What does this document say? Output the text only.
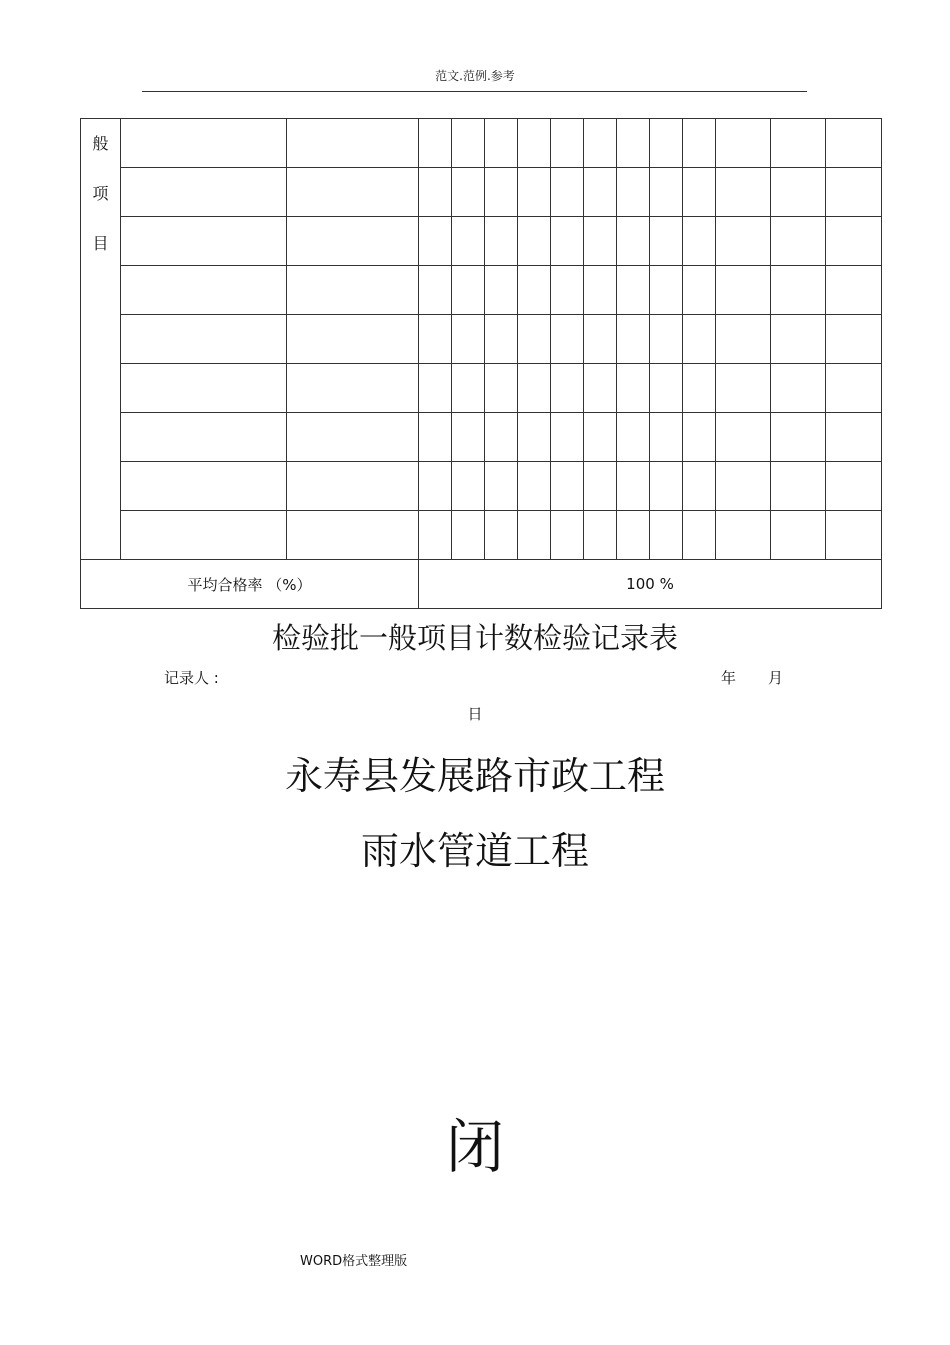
范文.范例.参考
般
项
目														

平均合格率 （%）			100 %											
检验批一般项目计数检验记录表
记录人 :	年 月
日
永寿县发展路市政工程
雨水管道工程
闭
WORD格式整理版
